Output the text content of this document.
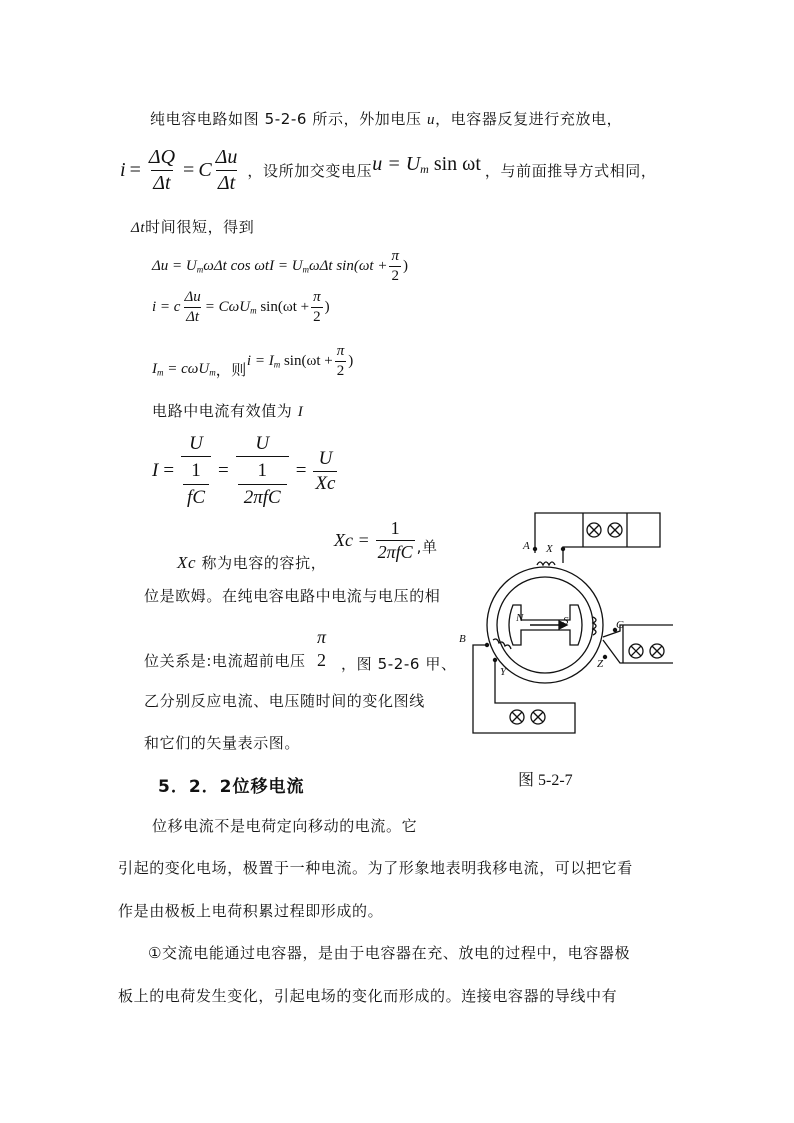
纯电容电路如图 5-2-6 所示，外加电压 u，电容器反复进行充放电，
$i = \frac{\Delta Q}{\Delta t} = C \frac{\Delta u}{\Delta t}$ ，设所加交变电压 $u = U_m$ sin ωt ，与前面推导方式相同，
Δt时间很短，得到
$\Delta u = U_m\omega\Delta t$ $\cos \omega tI = U_m\omega\Delta t$ $\sin(\omega t + \frac{\pi}{2}$ )
i = c $\frac{\Delta u}{\Delta t} = C\omega U_m$ $\sin(\omega t + \frac{\pi}{2}$ )
$I_m = c\omega U_m$ ，则 $i = I_m$ $\sin(\omega t + \frac{\pi}{2}$ )
电路中电流有效值为 I
I = U
1
fC = U
1
$2\pi fC = \frac{U}{Xc}$
Xc 称为电容的容抗，
$Xc = \frac{1}{\text{2πfC}}$ ,单
位是欧姆。在纯电容电路中电流与电压的相
位关系是:电流超前电压
π
2 ，图 5-2-6 甲、
乙分别反应电流、电压随时间的变化图线
和它们的矢量表示图。
5．2．2位移电流
A X
B
Y
C
Z
N	S
图 5-2-7
位移电流不是电荷定向移动的电流。它
引起的变化电场，极置于一种电流。为了形象地表明我移电流，可以把它看
作是由极板上电荷积累过程即形成的。
①交流电能通过电容器，是由于电容器在充、放电的过程中，电容器极
板上的电荷发生变化，引起电场的变化而形成的。连接电容器的导线中有
